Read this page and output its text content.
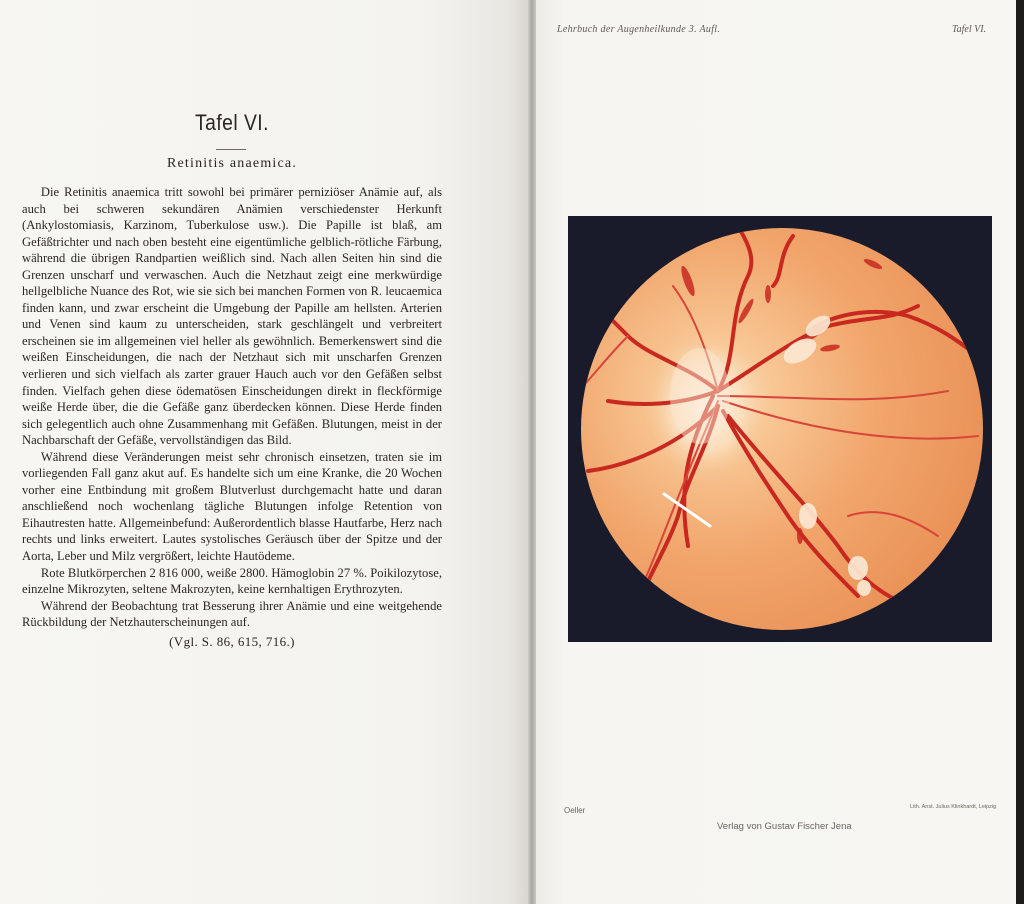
Tafel VI.
Retinitis anaemica.

Die Retinitis anaemica tritt sowohl bei primärer perniziöser Anämie auf, als auch bei schweren sekundären Anämien verschiedenster Herkunft (Ankylostomiasis, Karzinom, Tuberkulose usw.). Die Papille ist blaß, am Gefäßtrichter und nach oben besteht eine eigentümliche gelblich-rötliche Färbung, während die übrigen Randpartien weißlich sind. Nach allen Seiten hin sind die Grenzen unscharf und verwaschen. Auch die Netzhaut zeigt eine merkwürdige hellgelbliche Nuance des Rot, wie sie sich bei manchen Formen von R. leucaemica finden kann, und zwar erscheint die Umgebung der Papille am hellsten. Arterien und Venen sind kaum zu unterscheiden, stark geschlängelt und verbreitert erscheinen sie im allgemeinen viel heller als gewöhnlich. Bemerkenswert sind die weißen Einscheidungen, die nach der Netzhaut sich mit unscharfen Grenzen verlieren und sich vielfach als zarter grauer Hauch auch vor den Gefäßen selbst finden. Vielfach gehen diese ödematösen Einscheidungen direkt in fleckförmige weiße Herde über, die die Gefäße ganz überdecken können. Diese Herde finden sich gelegentlich auch ohne Zusammenhang mit Gefäßen. Blutungen, meist in der Nachbarschaft der Gefäße, vervollständigen das Bild.

Während diese Veränderungen meist sehr chronisch einsetzen, traten sie im vorliegenden Fall ganz akut auf. Es handelte sich um eine Kranke, die 20 Wochen vorher eine Entbindung mit großem Blutverlust durchgemacht hatte und daran anschließend noch wochenlang tägliche Blutungen infolge Retention von Eihautresten hatte. Allgemeinbefund: Außerordentlich blasse Hautfarbe, Herz nach rechts und links erweitert. Lautes systolisches Geräusch über der Spitze und der Aorta, Leber und Milz vergrößert, leichte Hautödeme.

Rote Blutkörperchen 2 816 000, weiße 2800. Hämoglobin 27 %. Poikilozytose, einzelne Mikrozyten, seltene Makrozyten, keine kernhaltigen Erythrozyten.

Während der Beobachtung trat Besserung ihrer Anämie und eine weitgehende Rückbildung der Netzhauterscheinungen auf.

(Vgl. S. 86, 615, 716.)

Lehrbuch der Augenheilkunde 3. Aufl.	Tafel VI.
Oeller	Lith. Anst. Julius Klinkhardt, Leipzig
Verlag von Gustav Fischer Jena
